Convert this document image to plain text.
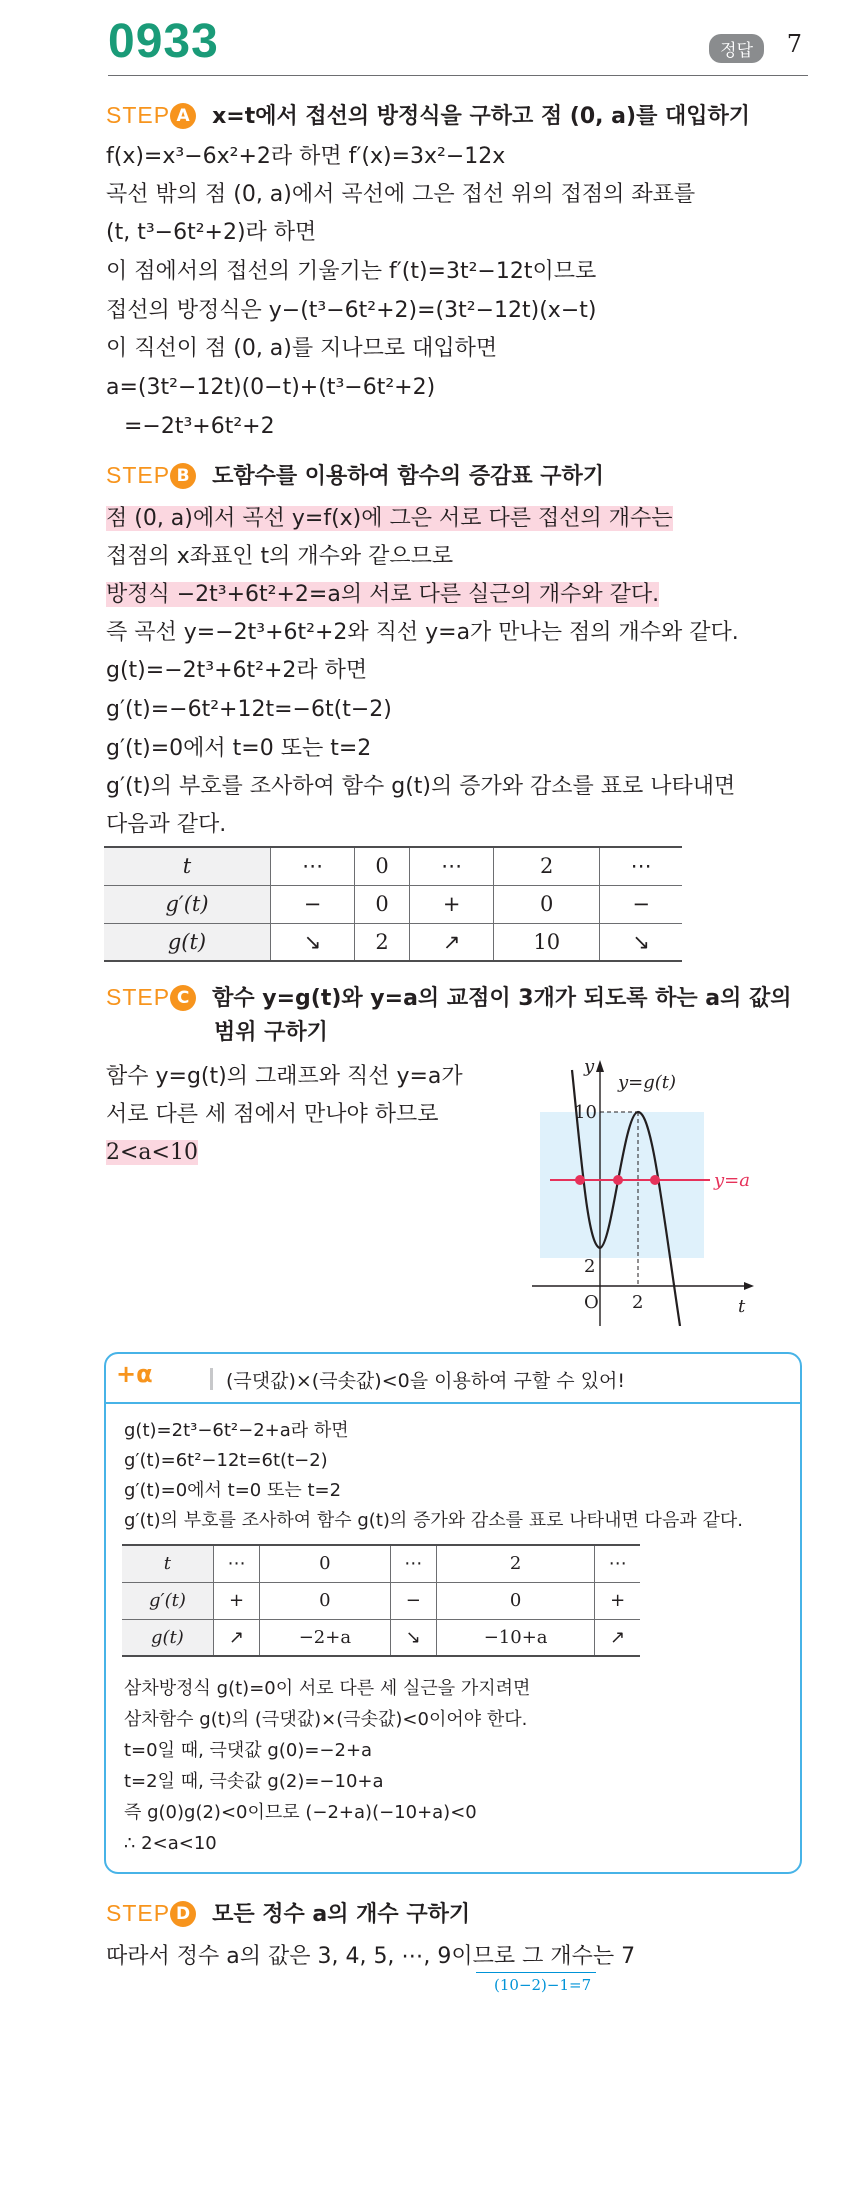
0933	정답	7
STEP A x=t에서 접선의 방정식을 구하고 점 (0, a)를 대입하기
f(x)=x³−6x²+2라 하면 f′(x)=3x²−12x
곡선 밖의 점 (0, a)에서 곡선에 그은 접선 위의 접점의 좌표를
(t, t³−6t²+2)라 하면
이 점에서의 접선의 기울기는 f′(t)=3t²−12t이므로
접선의 방정식은 y−(t³−6t²+2)=(3t²−12t)(x−t)
이 직선이 점 (0, a)를 지나므로 대입하면
a=(3t²−12t)(0−t)+(t³−6t²+2)
=−2t³+6t²+2
STEP B 도함수를 이용하여 함수의 증감표 구하기
점 (0, a)에서 곡선 y=f(x)에 그은 서로 다른 접선의 개수는
접점의 x좌표인 t의 개수와 같으므로
방정식 −2t³+6t²+2=a의 서로 다른 실근의 개수와 같다.
즉 곡선 y=−2t³+6t²+2와 직선 y=a가 만나는 점의 개수와 같다.
g(t)=−2t³+6t²+2라 하면
g′(t)=−6t²+12t=−6t(t−2)
g′(t)=0에서 t=0 또는 t=2
g′(t)의 부호를 조사하여 함수 g(t)의 증가와 감소를 표로 나타내면
다음과 같다.
t	⋯	0	⋯	2	⋯
g′(t)	−	0	+	0	−
g(t)	↘	2	↗	10	↘
STEP C 함수 y=g(t)와 y=a의 교점이 3개가 되도록 하는 a의 값의
범위 구하기
함수 y=g(t)의 그래프와 직선 y=a가
서로 다른 세 점에서 만나야 하므로
2<a<10
y
t
O
y=g(t)
y=a
10
2
2
+α	(극댓값)×(극솟값)<0을 이용하여 구할 수 있어!
g(t)=2t³−6t²−2+a라 하면
g′(t)=6t²−12t=6t(t−2)
g′(t)=0에서 t=0 또는 t=2
g′(t)의 부호를 조사하여 함수 g(t)의 증가와 감소를 표로 나타내면 다음과 같다.
t	⋯	0	⋯	2	⋯
g′(t)	+	0	−	0	+
g(t)	↗	−2+a	↘	−10+a	↗
삼차방정식 g(t)=0이 서로 다른 세 실근을 가지려면
삼차함수 g(t)의 (극댓값)×(극솟값)<0이어야 한다.
t=0일 때, 극댓값 g(0)=−2+a
t=2일 때, 극솟값 g(2)=−10+a
즉 g(0)g(2)<0이므로 (−2+a)(−10+a)<0
∴ 2<a<10
STEP D 모든 정수 a의 개수 구하기
따라서 정수 a의 값은 3, 4, 5, ⋯, 9이므로 그 개수는 7
(10−2)−1=7
